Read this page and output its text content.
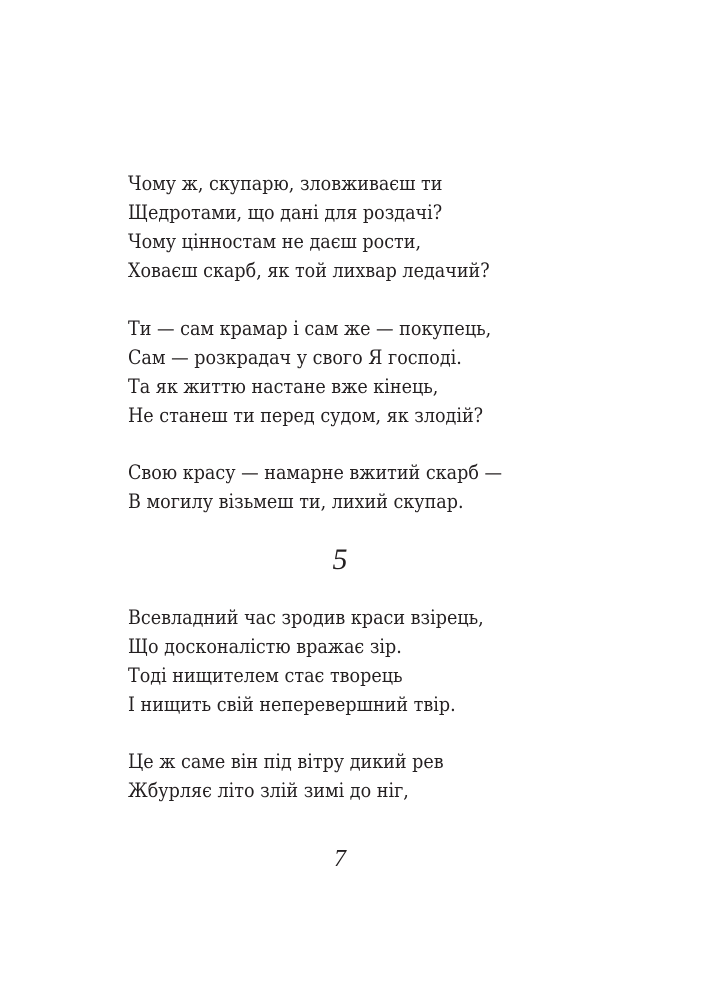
Чому ж, скупарю, зловживаєш ти
Щедротами, що дані для роздачі?
Чому цінностам не даєш рости,
Ховаєш скарб, як той лихвар ледачий?
Ти — сам крамар і сам же — покупець,
Сам — розкрадач у свого Я господі.
Та як життю настане вже кінець,
Не станеш ти перед судом, як злодій?
Свою красу — намарне вжитий скарб —
В могилу візьмеш ти, лихий скупар.
5
Всевладний час зродив краси взірець,
Що досконалістю вражає зір.
Тоді нищителем стає творець
І нищить свій неперевершний твір.
Це ж саме він під вітру дикий рев
Жбурляє літо злій зимі до ніг,
7
